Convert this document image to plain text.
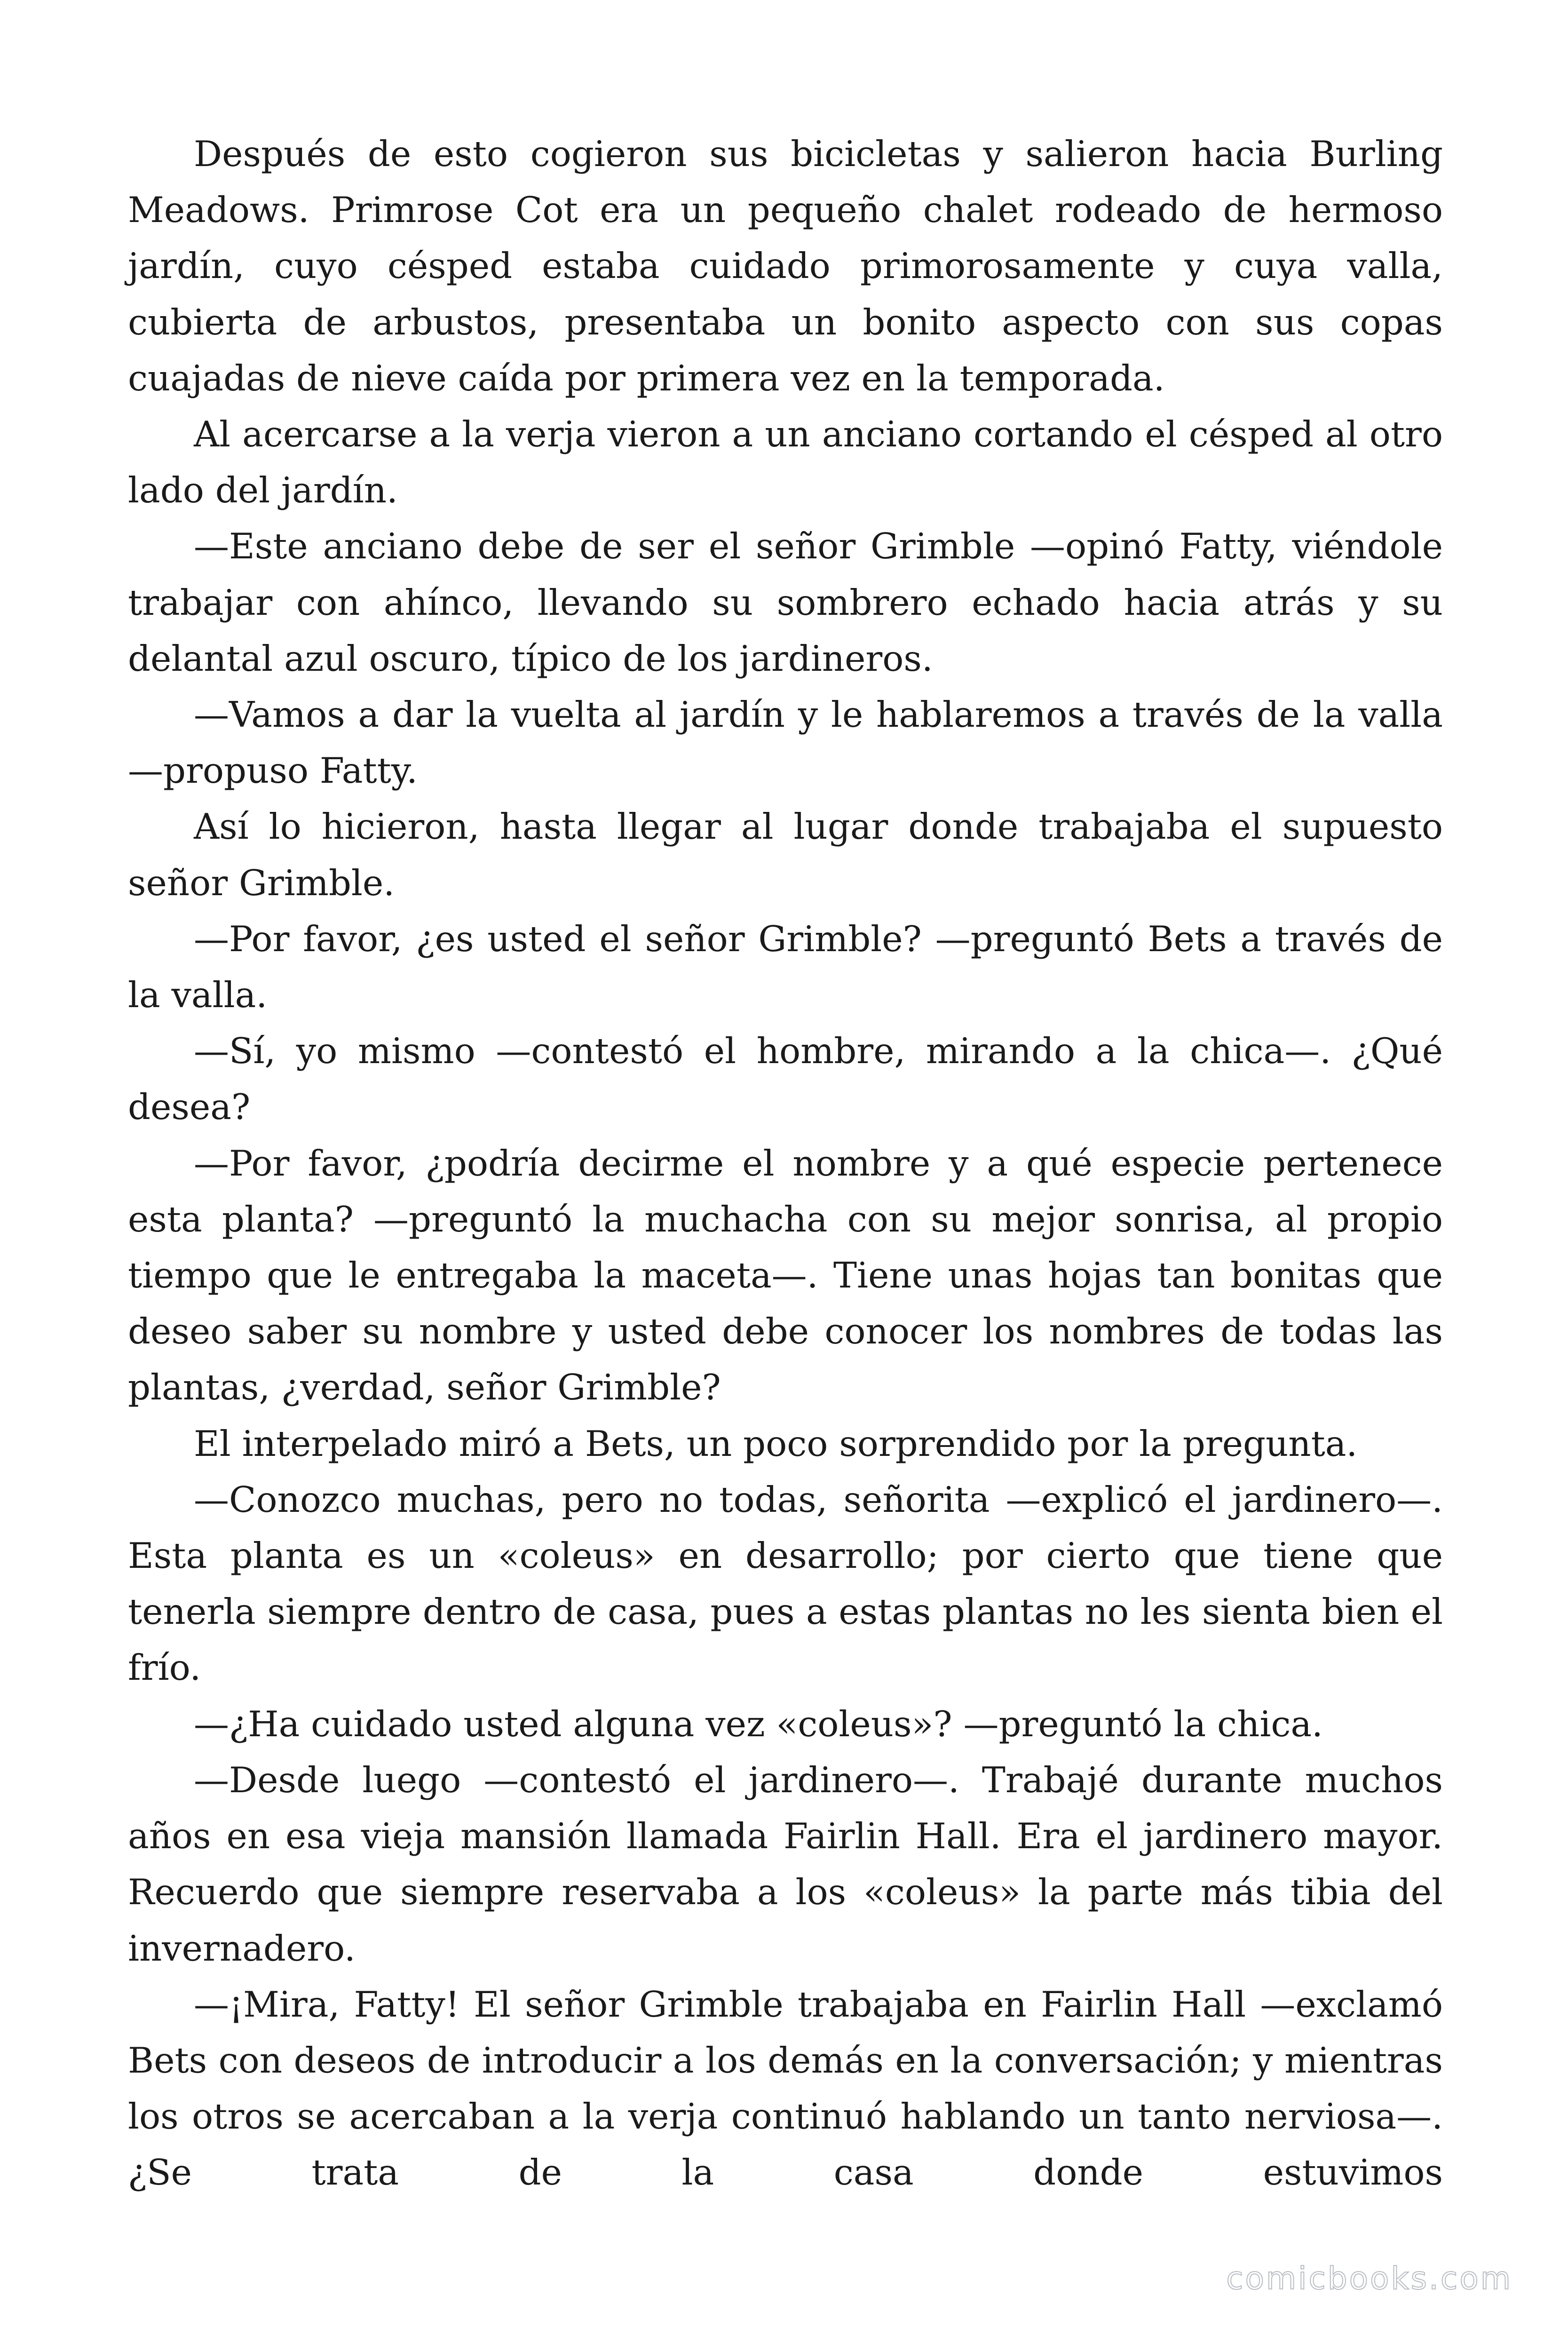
Después de esto cogieron sus bicicletas y salieron hacia Burling Meadows. Primrose Cot era un pequeño chalet rodeado de hermoso jardín, cuyo césped estaba cuidado primorosamente y cuya valla, cubierta de arbustos, presentaba un bonito aspecto con sus copas cuajadas de nieve caída por primera vez en la temporada.

Al acercarse a la verja vieron a un anciano cortando el césped al otro lado del jardín.

—Este anciano debe de ser el señor Grimble —opinó Fatty, viéndole trabajar con ahínco, llevando su sombrero echado hacia atrás y su delantal azul oscuro, típico de los jardineros.

—Vamos a dar la vuelta al jardín y le hablaremos a través de la valla —propuso Fatty.

Así lo hicieron, hasta llegar al lugar donde trabajaba el supuesto señor Grimble.

—Por favor, ¿es usted el señor Grimble? —preguntó Bets a través de la valla.

—Sí, yo mismo —contestó el hombre, mirando a la chica—. ¿Qué desea?

—Por favor, ¿podría decirme el nombre y a qué especie pertenece esta planta? —preguntó la muchacha con su mejor sonrisa, al propio tiempo que le entregaba la maceta—. Tiene unas hojas tan bonitas que deseo saber su nombre y usted debe conocer los nombres de todas las plantas, ¿verdad, señor Grimble?

El interpelado miró a Bets, un poco sorprendido por la pregunta.

—Conozco muchas, pero no todas, señorita —explicó el jardinero—. Esta planta es un «coleus» en desarrollo; por cierto que tiene que tenerla siempre dentro de casa, pues a estas plantas no les sienta bien el frío.

—¿Ha cuidado usted alguna vez «coleus»? —preguntó la chica.

—Desde luego —contestó el jardinero—. Trabajé durante muchos años en esa vieja mansión llamada Fairlin Hall. Era el jardinero mayor. Recuerdo que siempre reservaba a los «coleus» la parte más tibia del invernadero.

—¡Mira, Fatty! El señor Grimble trabajaba en Fairlin Hall —exclamó Bets con deseos de introducir a los demás en la conversación; y mientras los otros se acercaban a la verja continuó hablando un tanto nerviosa—. ¿Se trata de la casa donde estuvimos

comicbooks.com
